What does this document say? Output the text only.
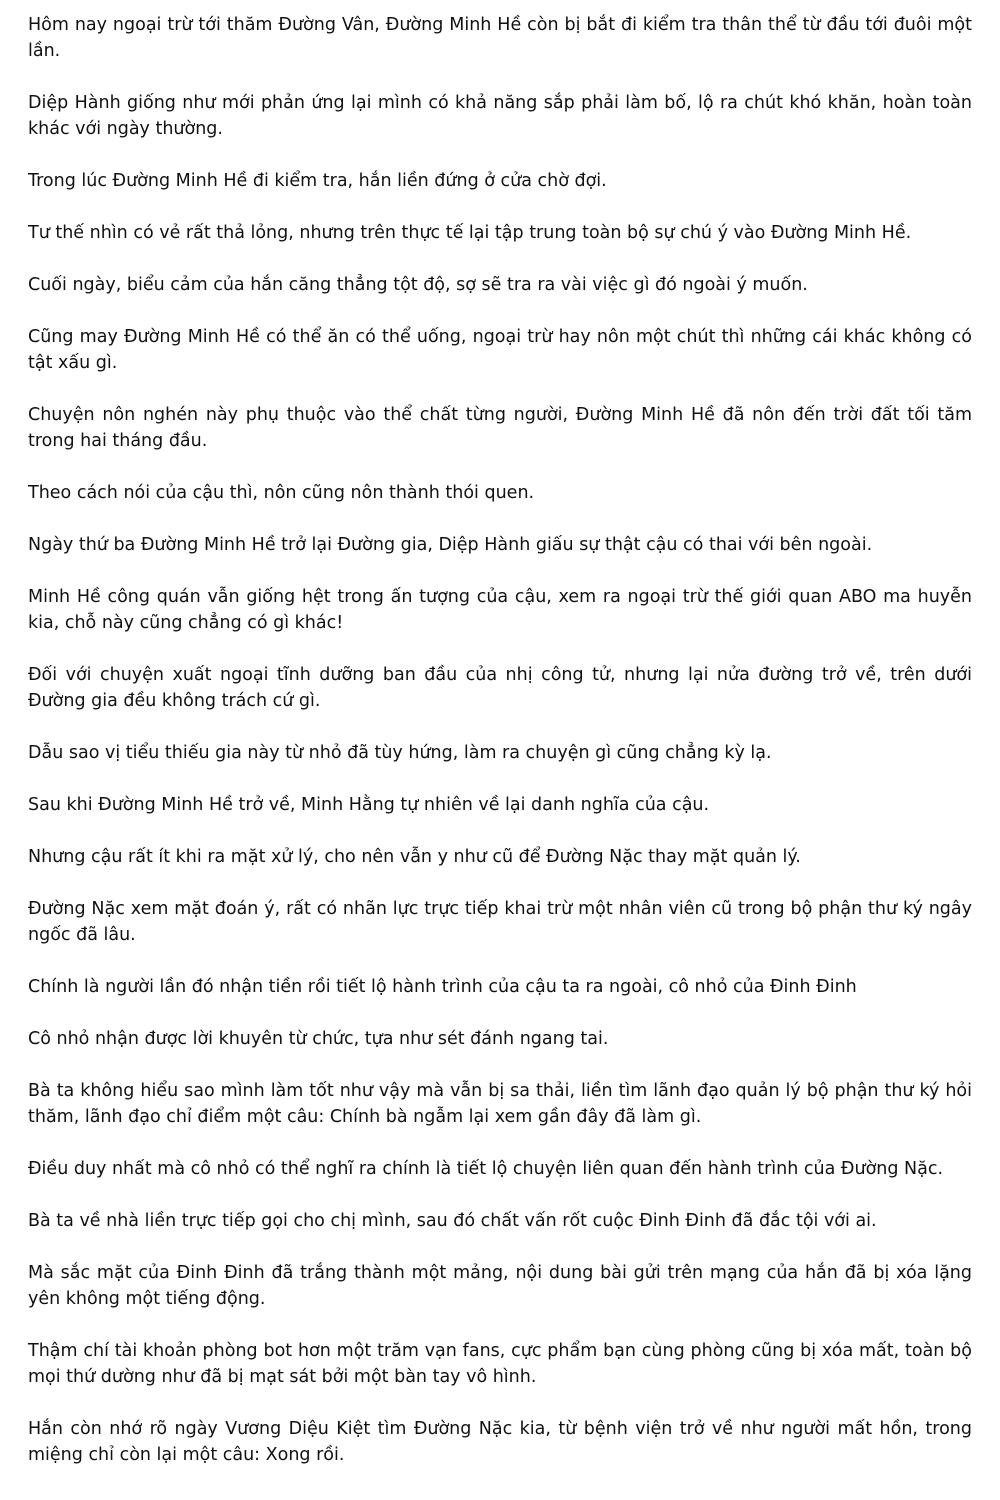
Hôm nay ngoại trừ tới thăm Đường Vân, Đường Minh Hề còn bị bắt đi kiểm tra thân thể từ đầu tới đuôi một lần.

Diệp Hành giống như mới phản ứng lại mình có khả năng sắp phải làm bố, lộ ra chút khó khăn, hoàn toàn khác với ngày thường.

Trong lúc Đường Minh Hề đi kiểm tra, hắn liền đứng ở cửa chờ đợi.

Tư thế nhìn có vẻ rất thả lỏng, nhưng trên thực tế lại tập trung toàn bộ sự chú ý vào Đường Minh Hề.

Cuối ngày, biểu cảm của hắn căng thẳng tột độ, sợ sẽ tra ra vài việc gì đó ngoài ý muốn.

Cũng may Đường Minh Hề có thể ăn có thể uống, ngoại trừ hay nôn một chút thì những cái khác không có tật xấu gì.

Chuyện nôn nghén này phụ thuộc vào thể chất từng người, Đường Minh Hề đã nôn đến trời đất tối tăm trong hai tháng đầu.

Theo cách nói của cậu thì, nôn cũng nôn thành thói quen.

Ngày thứ ba Đường Minh Hề trở lại Đường gia, Diệp Hành giấu sự thật cậu có thai với bên ngoài.

Minh Hề công quán vẫn giống hệt trong ấn tượng của cậu, xem ra ngoại trừ thế giới quan ABO ma huyễn kia, chỗ này cũng chẳng có gì khác!

Đối với chuyện xuất ngoại tĩnh dưỡng ban đầu của nhị công tử, nhưng lại nửa đường trở về, trên dưới Đường gia đều không trách cứ gì.

Dẫu sao vị tiểu thiếu gia này từ nhỏ đã tùy hứng, làm ra chuyện gì cũng chẳng kỳ lạ.

Sau khi Đường Minh Hề trở về, Minh Hằng tự nhiên về lại danh nghĩa của cậu.

Nhưng cậu rất ít khi ra mặt xử lý, cho nên vẫn y như cũ để Đường Nặc thay mặt quản lý.

Đường Nặc xem mặt đoán ý, rất có nhãn lực trực tiếp khai trừ một nhân viên cũ trong bộ phận thư ký ngây ngốc đã lâu.

Chính là người lần đó nhận tiền rồi tiết lộ hành trình của cậu ta ra ngoài, cô nhỏ của Đinh Đinh

Cô nhỏ nhận được lời khuyên từ chức, tựa như sét đánh ngang tai.

Bà ta không hiểu sao mình làm tốt như vậy mà vẫn bị sa thải, liền tìm lãnh đạo quản lý bộ phận thư ký hỏi thăm, lãnh đạo chỉ điểm một câu: Chính bà ngẫm lại xem gần đây đã làm gì.

Điều duy nhất mà cô nhỏ có thể nghĩ ra chính là tiết lộ chuyện liên quan đến hành trình của Đường Nặc.

Bà ta về nhà liền trực tiếp gọi cho chị mình, sau đó chất vấn rốt cuộc Đinh Đinh đã đắc tội với ai.

Mà sắc mặt của Đinh Đinh đã trắng thành một mảng, nội dung bài gửi trên mạng của hắn đã bị xóa lặng yên không một tiếng động.

Thậm chí tài khoản phòng bot hơn một trăm vạn fans, cực phẩm bạn cùng phòng cũng bị xóa mất, toàn bộ mọi thứ dường như đã bị mạt sát bởi một bàn tay vô hình.

Hắn còn nhớ rõ ngày Vương Diệu Kiệt tìm Đường Nặc kia, từ bệnh viện trở về như người mất hồn, trong miệng chỉ còn lại một câu: Xong rồi.
